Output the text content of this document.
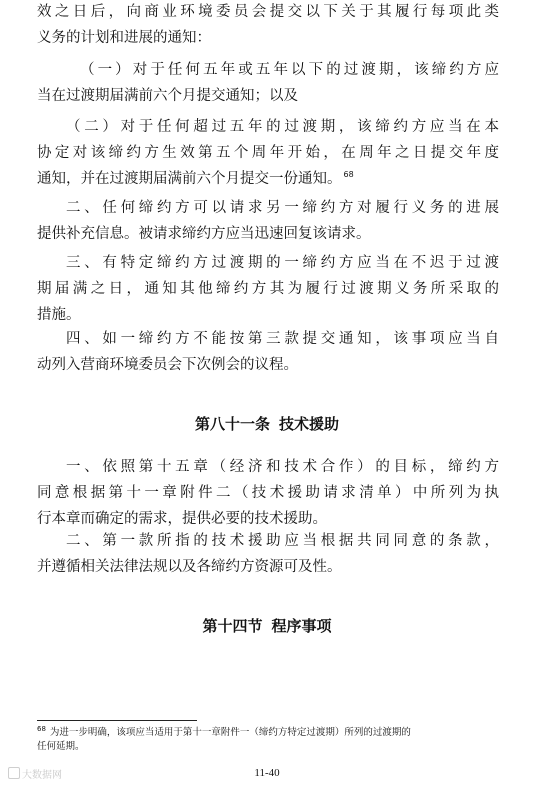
效之日后，向商业环境委员会提交以下关于其履行每项此类
义务的计划和进展的通知：
（一）对于任何五年或五年以下的过渡期，该缔约方应
当在过渡期届满前六个月提交通知；以及
（二）对于任何超过五年的过渡期，该缔约方应当在本
协定对该缔约方生效第五个周年开始，在周年之日提交年度
通知，并在过渡期届满前六个月提交一份通知。 $^{68}$
二、任何缔约方可以请求另一缔约方对履行义务的进展
提供补充信息。被请求缔约方应当迅速回复该请求。
三、有特定缔约方过渡期的一缔约方应当在不迟于过渡
期届满之日，通知其他缔约方其为履行过渡期义务所采取的
措施。
四、如一缔约方不能按第三款提交通知，该事项应当自
动列入营商环境委员会下次例会的议程。
第八十一条 技术援助
一、依照第十五章（经济和技术合作）的目标，缔约方
同意根据第十一章附件二（技术援助请求清单）中所列为执
行本章而确定的需求，提供必要的技术援助。
二、第一款所指的技术援助应当根据共同同意的条款，
并遵循相关法律法规以及各缔约方资源可及性。
第十四节 程序事项
$^{68}$ 为进一步明确，该项应当适用于第十一章附件一（缔约方特定过渡期）所列的过渡期的
任何延期。
大数据网	11-40
